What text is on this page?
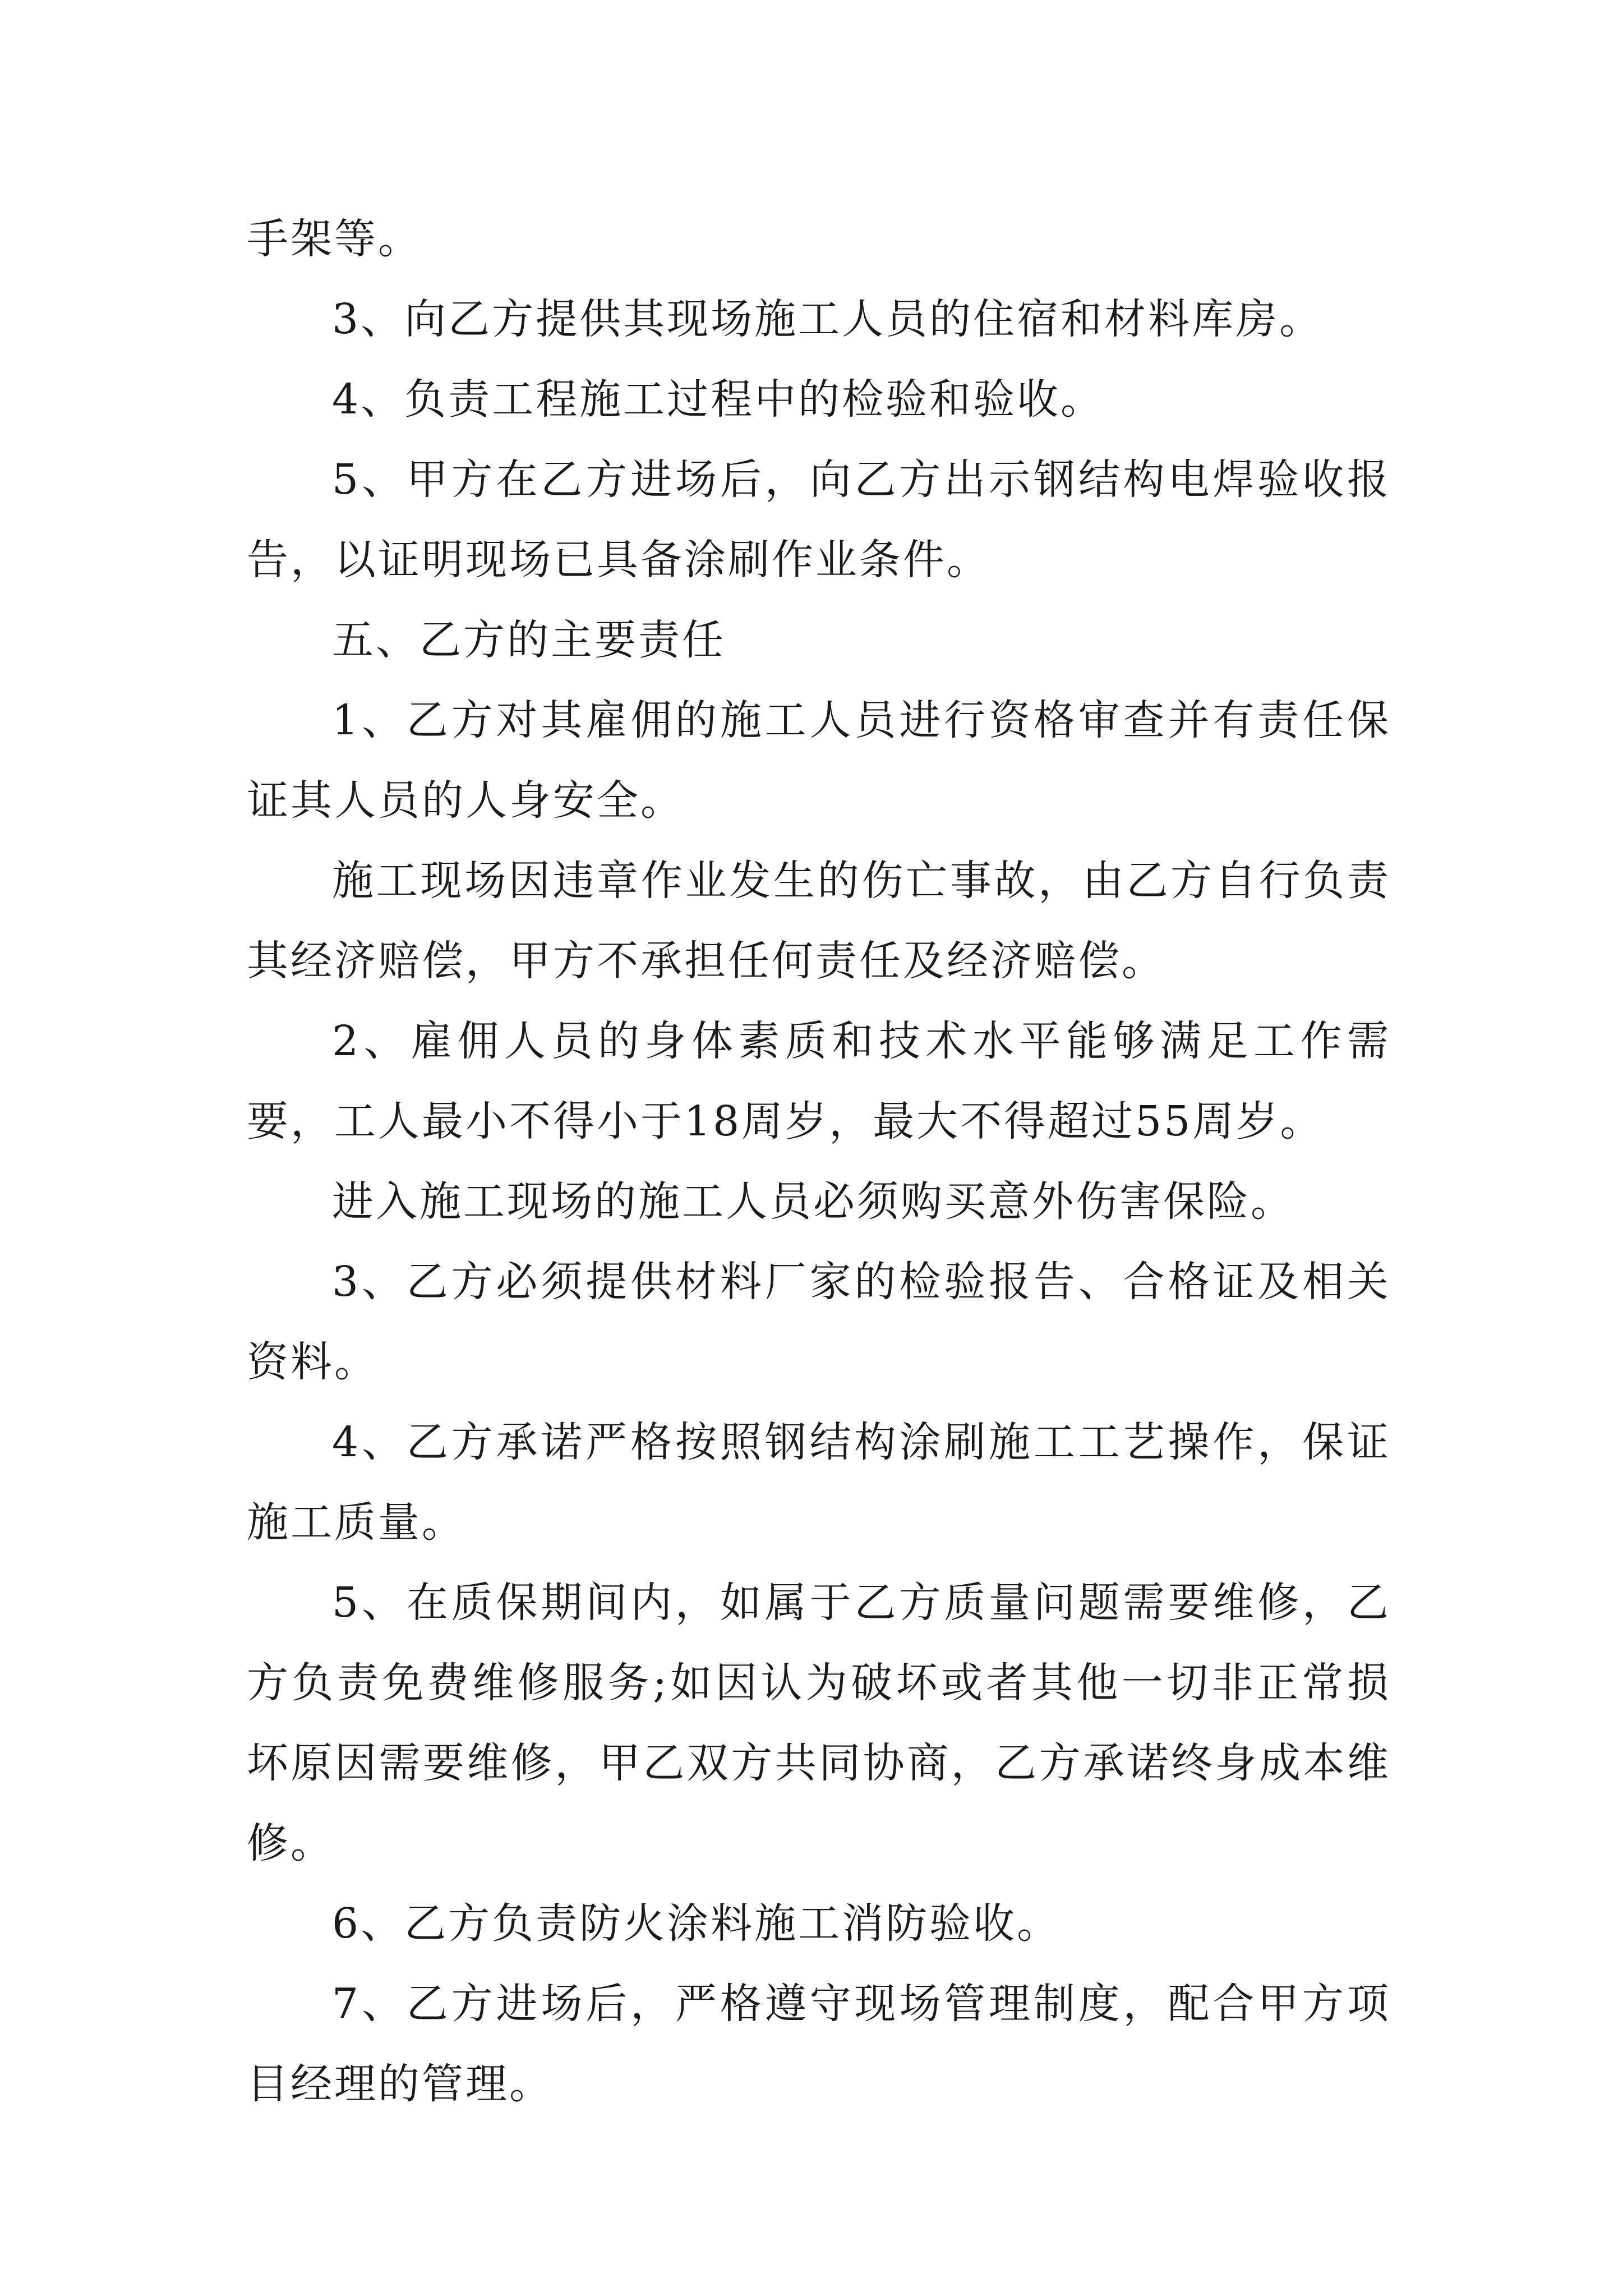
手架等。

3、向乙方提供其现场施工人员的住宿和材料库房。

4、负责工程施工过程中的检验和验收。

5、甲方在乙方进场后，向乙方出示钢结构电焊验收报告，以证明现场已具备涂刷作业条件。

五、乙方的主要责任

1、乙方对其雇佣的施工人员进行资格审查并有责任保证其人员的人身安全。

施工现场因违章作业发生的伤亡事故，由乙方自行负责其经济赔偿，甲方不承担任何责任及经济赔偿。

2、雇佣人员的身体素质和技术水平能够满足工作需要，工人最小不得小于18周岁，最大不得超过55周岁。

进入施工现场的施工人员必须购买意外伤害保险。

3、乙方必须提供材料厂家的检验报告、合格证及相关资料。

4、乙方承诺严格按照钢结构涂刷施工工艺操作，保证施工质量。

5、在质保期间内，如属于乙方质量问题需要维修，乙方负责免费维修服务;如因认为破坏或者其他一切非正常损坏原因需要维修，甲乙双方共同协商，乙方承诺终身成本维修。

6、乙方负责防火涂料施工消防验收。

7、乙方进场后，严格遵守现场管理制度，配合甲方项目经理的管理。
